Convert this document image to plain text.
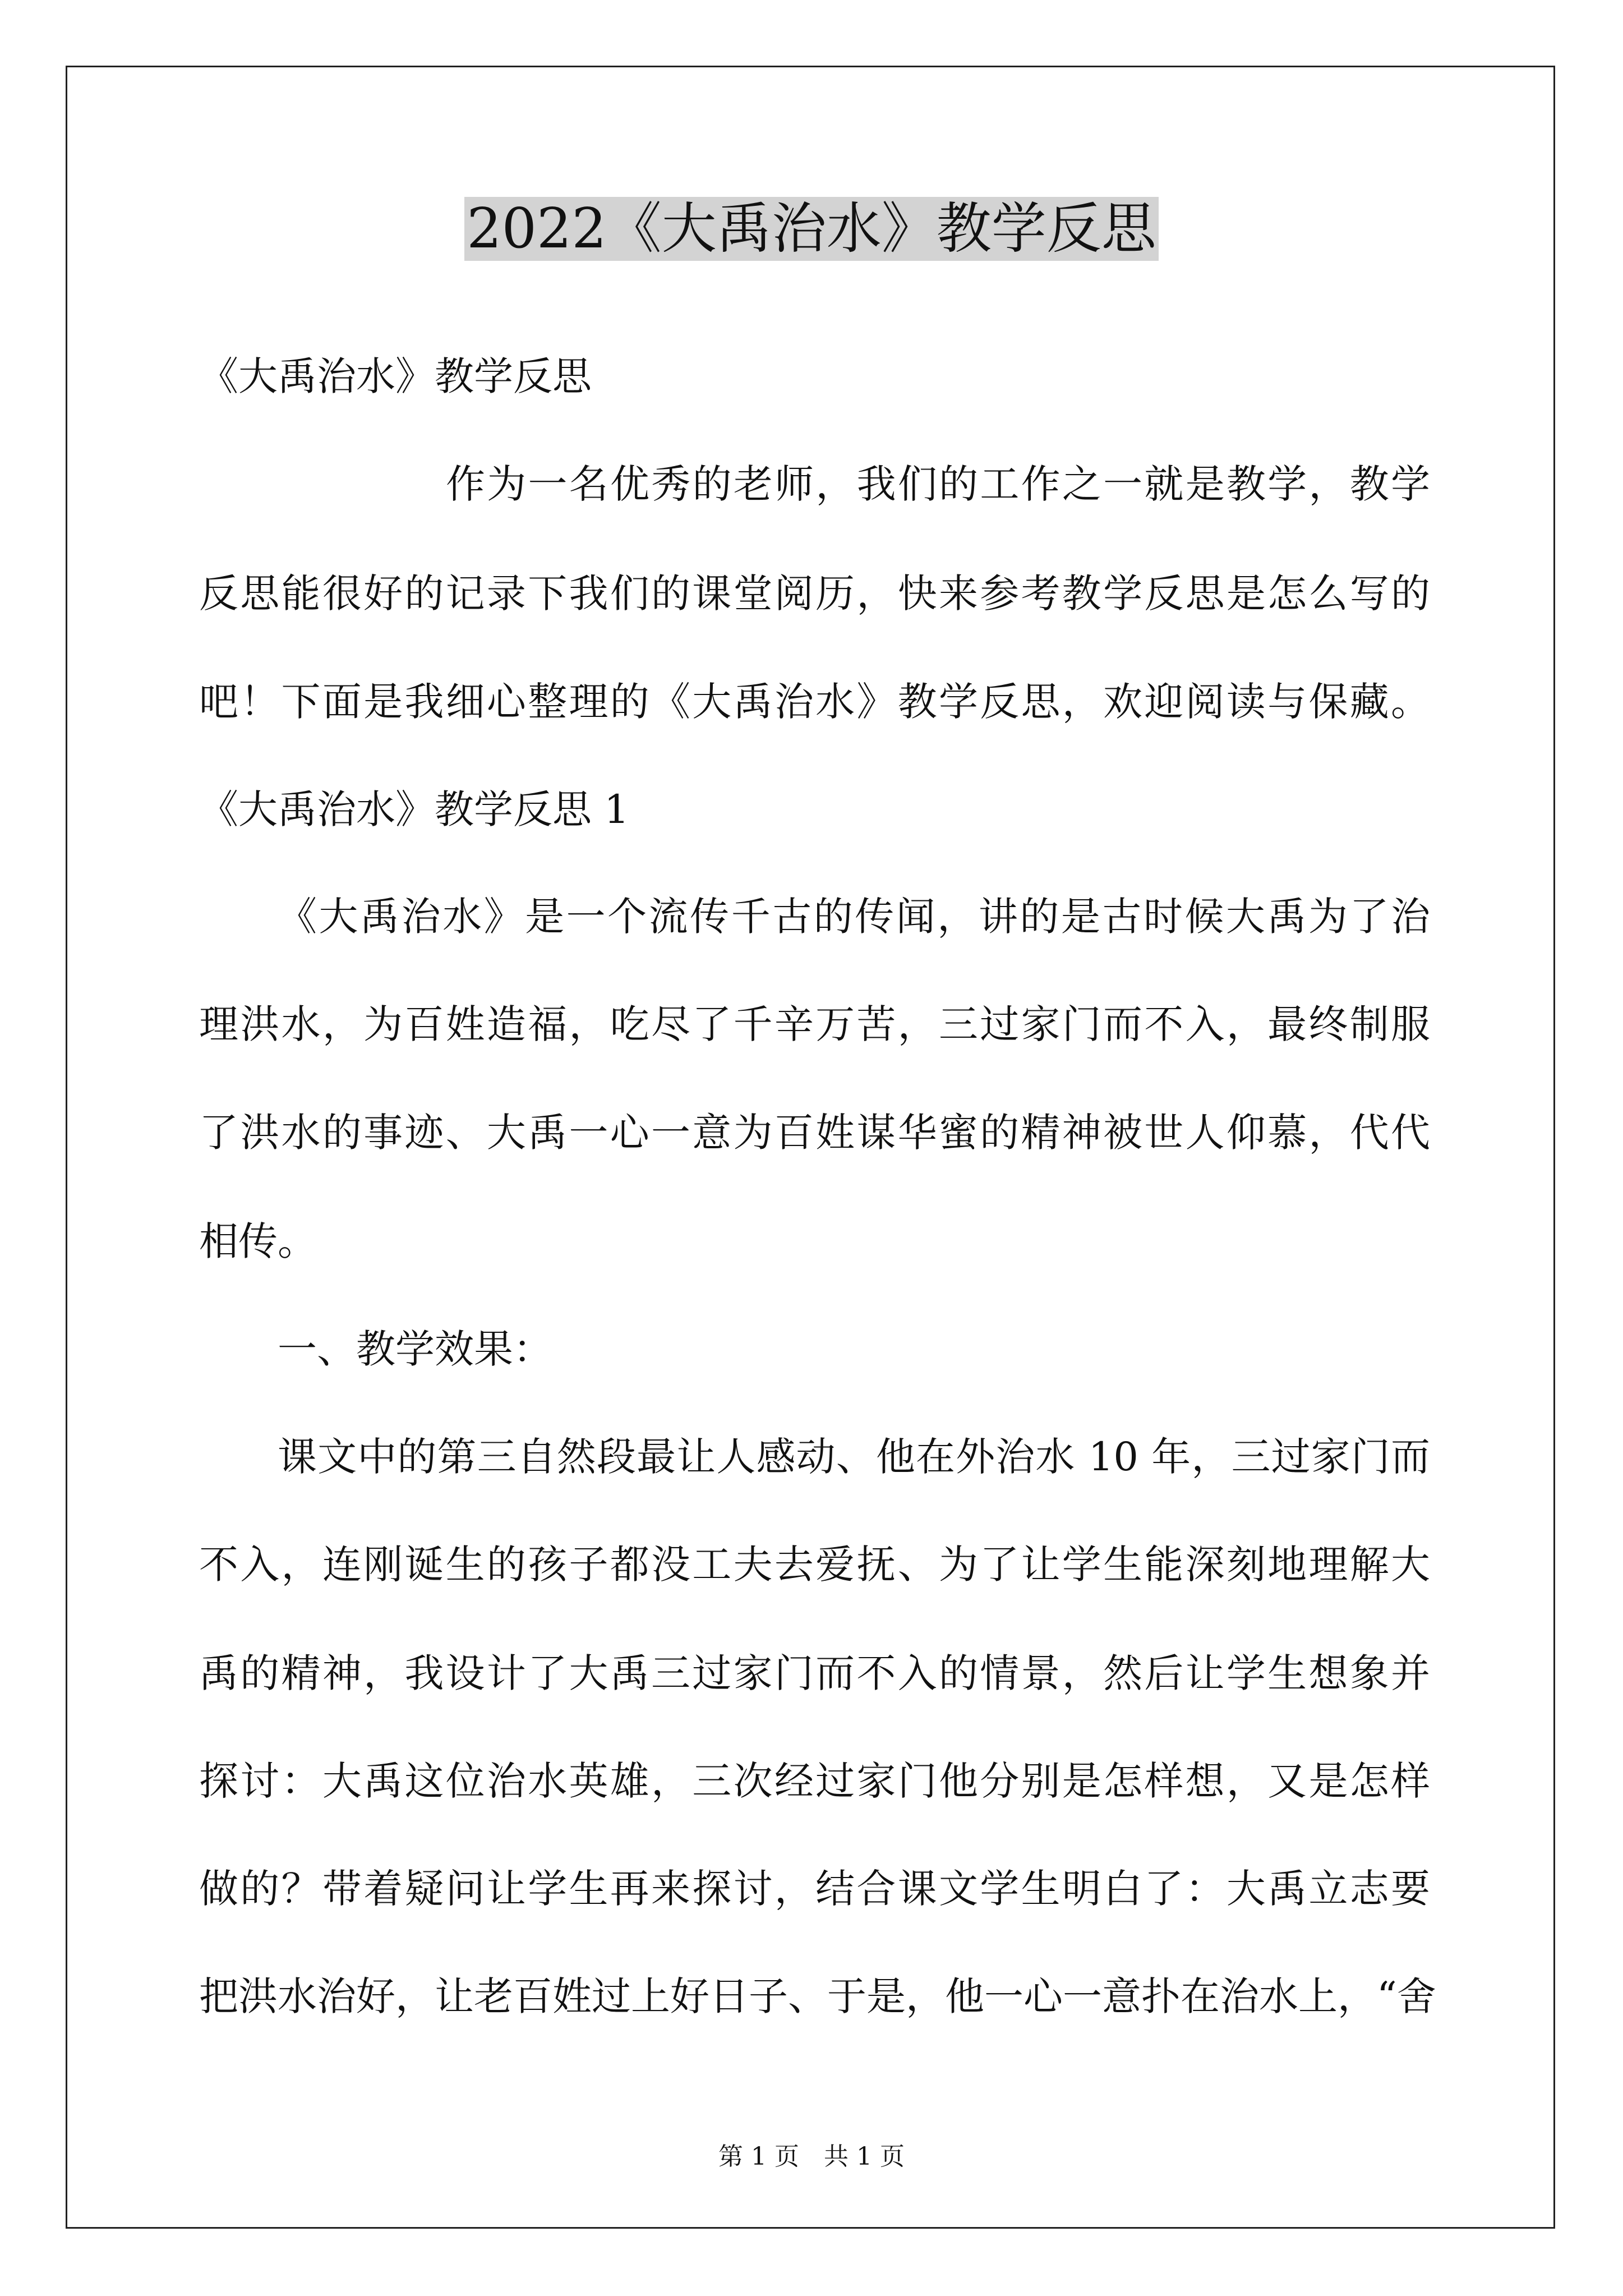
2022《大禹治水》教学反思
《大禹治水》教学反思
作为一名优秀的老师，我们的工作之一就是教学，教学
反思能很好的记录下我们的课堂阅历，快来参考教学反思是怎么写的
吧！下面是我细心整理的《大禹治水》教学反思，欢迎阅读与保藏。
《大禹治水》教学反思 1
《大禹治水》是一个流传千古的传闻，讲的是古时候大禹为了治
理洪水，为百姓造福，吃尽了千辛万苦，三过家门而不入，最终制服
了洪水的事迹、大禹一心一意为百姓谋华蜜的精神被世人仰慕，代代
相传。
一、教学效果：
课文中的第三自然段最让人感动、他在外治水 10 年，三过家门而
不入，连刚诞生的孩子都没工夫去爱抚、为了让学生能深刻地理解大
禹的精神，我设计了大禹三过家门而不入的情景，然后让学生想象并
探讨：大禹这位治水英雄，三次经过家门他分别是怎样想，又是怎样
做的？带着疑问让学生再来探讨，结合课文学生明白了：大禹立志要
把洪水治好，让老百姓过上好日子、于是，他一心一意扑在治水上，“舍
第 1 页　共 1 页
